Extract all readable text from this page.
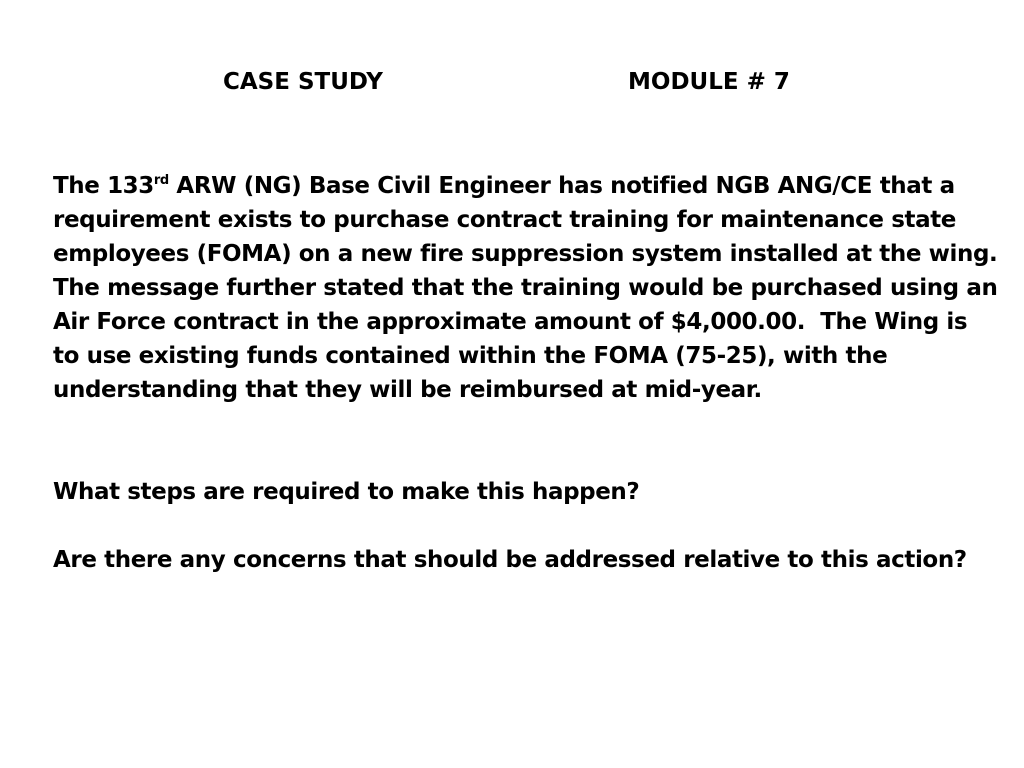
CASE STUDY	MODULE # 7

The 133rd ARW (NG) Base Civil Engineer has notified NGB ANG/CE that a requirement exists to purchase contract training for maintenance state employees (FOMA) on a new fire suppression system installed at the wing.   The message further stated that the training would be purchased using an Air Force contract in the approximate amount of $4,000.00.  The Wing is to use existing funds contained within the FOMA (75-25), with the understanding that they will be reimbursed at mid-year.

What steps are required to make this happen?

Are there any concerns that should be addressed relative to this action?
